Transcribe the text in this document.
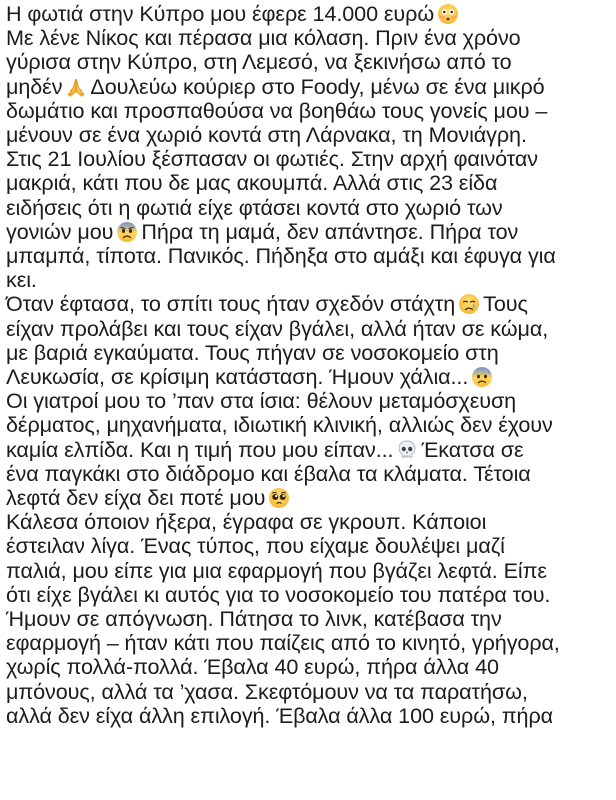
Η φωτιά στην Κύπρο μου έφερε 14.000 ευρώ
Με λένε Νίκος και πέρασα μια κόλαση. Πριν ένα χρόνο
γύρισα στην Κύπρο, στη Λεμεσό, να ξεκινήσω από το
μηδέν Δουλεύω κούριερ στο Foody, μένω σε ένα μικρό
δωμάτιο και προσπαθούσα να βοηθάω τους γονείς μου –
μένουν σε ένα χωριό κοντά στη Λάρνακα, τη Μονιάγρη.
Στις 21 Ιουλίου ξέσπασαν οι φωτιές. Στην αρχή φαινόταν
μακριά, κάτι που δε μας ακουμπά. Αλλά στις 23 είδα
ειδήσεις ότι η φωτιά είχε φτάσει κοντά στο χωριό των
γονιών μου Πήρα τη μαμά, δεν απάντησε. Πήρα τον
μπαμπά, τίποτα. Πανικός. Πήδηξα στο αμάξι και έφυγα για
κει.
Όταν έφτασα, το σπίτι τους ήταν σχεδόν στάχτη Τους
είχαν προλάβει και τους είχαν βγάλει, αλλά ήταν σε κώμα,
με βαριά εγκαύματα. Τους πήγαν σε νοσοκομείο στη
Λευκωσία, σε κρίσιμη κατάσταση. Ήμουν χάλια...
Οι γιατροί μου το ’παν στα ίσια: θέλουν μεταμόσχευση
δέρματος, μηχανήματα, ιδιωτική κλινική, αλλιώς δεν έχουν
καμία ελπίδα. Και η τιμή που μου είπαν... Έκατσα σε
ένα παγκάκι στο διάδρομο και έβαλα τα κλάματα. Τέτοια
λεφτά δεν είχα δει ποτέ μου
Κάλεσα όποιον ήξερα, έγραφα σε γκρουπ. Κάποιοι
έστειλαν λίγα. Ένας τύπος, που είχαμε δουλέψει μαζί
παλιά, μου είπε για μια εφαρμογή που βγάζει λεφτά. Είπε
ότι είχε βγάλει κι αυτός για το νοσοκομείο του πατέρα του.
Ήμουν σε απόγνωση. Πάτησα το λινκ, κατέβασα την
εφαρμογή – ήταν κάτι που παίζεις από το κινητό, γρήγορα,
χωρίς πολλά-πολλά. Έβαλα 40 ευρώ, πήρα άλλα 40
μπόνους, αλλά τα ’χασα. Σκεφτόμουν να τα παρατήσω,
αλλά δεν είχα άλλη επιλογή. Έβαλα άλλα 100 ευρώ, πήρα
